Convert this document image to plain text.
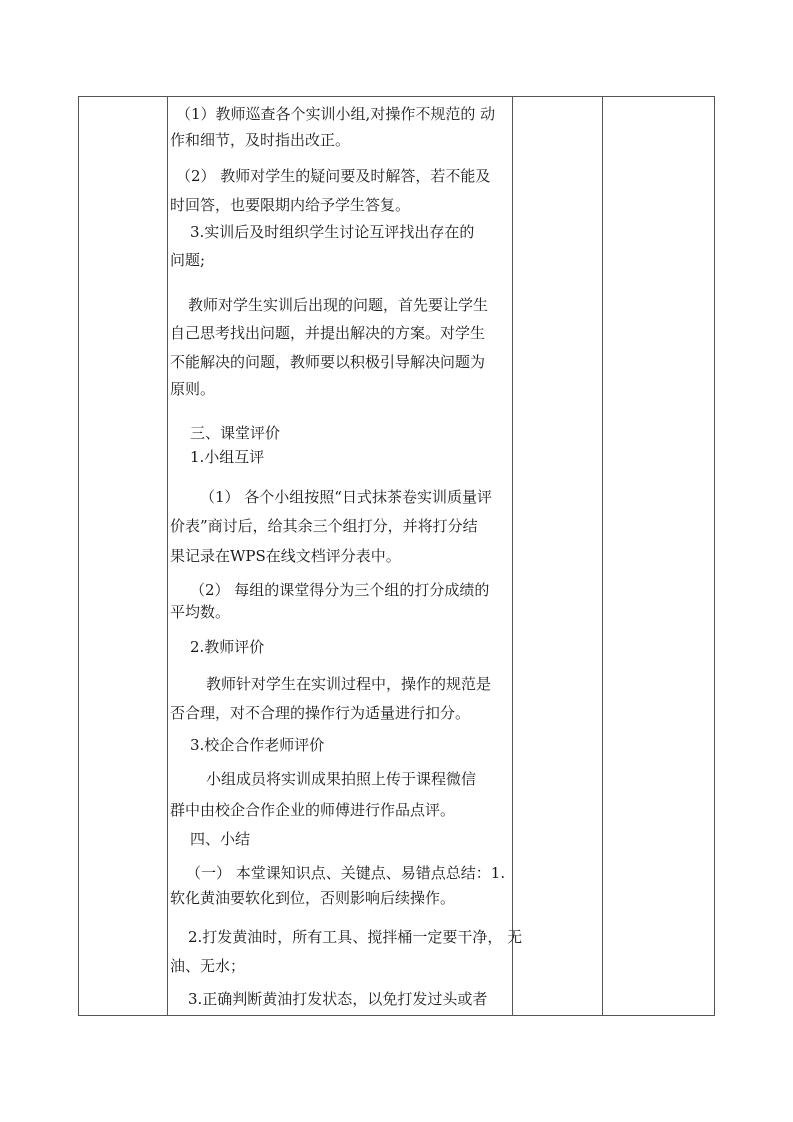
（1）教师巡查各个实训小组,对操作不规范的 动
作和细节，及时指出改正。
（2） 教师对学生的疑问要及时解答，若不能及
时回答，也要限期内给予学生答复。
3.实训后及时组织学生讨论互评找出存在的
问题;
教师对学生实训后出现的问题，首先要让学生
自己思考找出问题，并提出解决的方案。对学生
不能解决的问题，教师要以积极引导解决问题为
原则。
三、课堂评价
1.小组互评
（1） 各个小组按照“日式抹茶卷实训质量评
价表”商讨后，给其余三个组打分，并将打分结
果记录在WPS在线文档评分表中。
（2） 每组的课堂得分为三个组的打分成绩的
平均数。
2.教师评价
教师针对学生在实训过程中，操作的规范是
否合理，对不合理的操作行为适量进行扣分。
3.校企合作老师评价
小组成员将实训成果拍照上传于课程微信
群中由校企合作企业的师傅进行作品点评。
四、小结
（一） 本堂课知识点、关键点、易错点总结：1.
软化黄油要软化到位，否则影响后续操作。
2.打发黄油时，所有工具、搅拌桶一定要干净， 无
油、无水；
3.正确判断黄油打发状态，以免打发过头或者
